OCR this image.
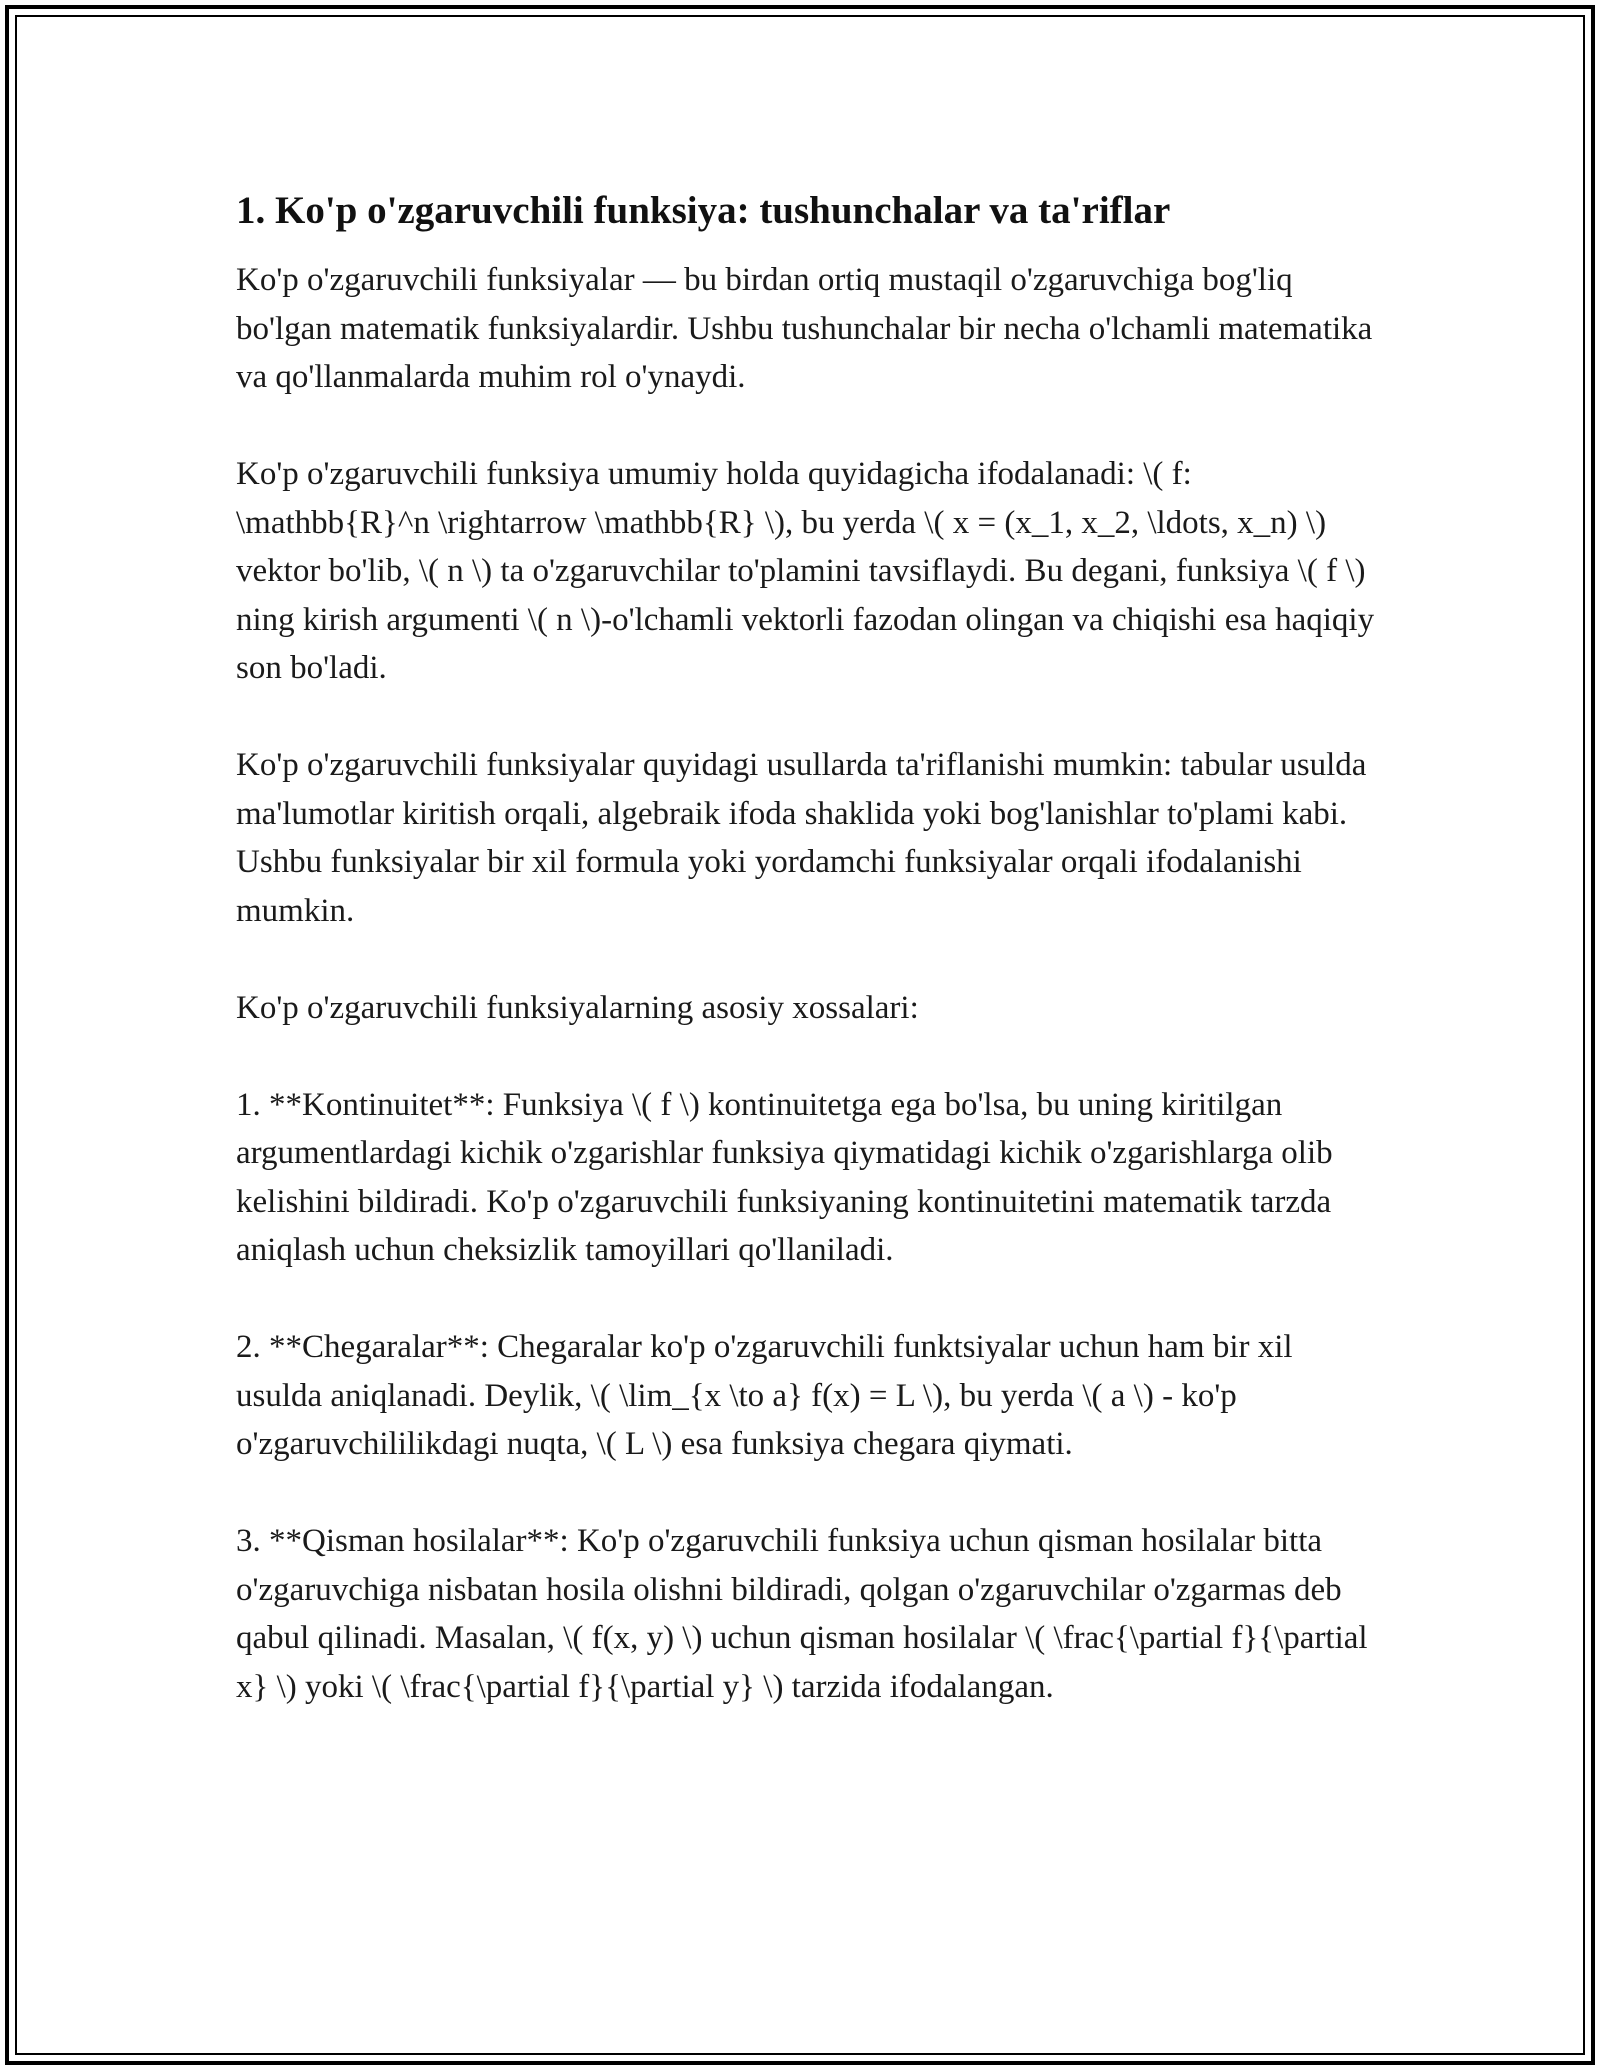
1. Ko'p o'zgaruvchili funksiya: tushunchalar va ta'riflar

Ko'p o'zgaruvchili funksiyalar — bu birdan ortiq mustaqil o'zgaruvchiga bog'liq bo'lgan matematik funksiyalardir. Ushbu tushunchalar bir necha o'lchamli matematika va qo'llanmalarda muhim rol o'ynaydi.

Ko'p o'zgaruvchili funksiya umumiy holda quyidagicha ifodalanadi: \( f: \mathbb{R}^n \rightarrow \mathbb{R} \), bu yerda \( x = (x_1, x_2, \ldots, x_n) \) vektor bo'lib, \( n \) ta o'zgaruvchilar to'plamini tavsiflaydi. Bu degani, funksiya \( f \) ning kirish argumenti \( n \)-o'lchamli vektorli fazodan olingan va chiqishi esa haqiqiy son bo'ladi.

Ko'p o'zgaruvchili funksiyalar quyidagi usullarda ta'riflanishi mumkin: tabular usulda ma'lumotlar kiritish orqali, algebraik ifoda shaklida yoki bog'lanishlar to'plami kabi. Ushbu funksiyalar bir xil formula yoki yordamchi funksiyalar orqali ifodalanishi mumkin.

Ko'p o'zgaruvchili funksiyalarning asosiy xossalari:

1. **Kontinuitet**: Funksiya \( f \) kontinuitetga ega bo'lsa, bu uning kiritilgan argumentlardagi kichik o'zgarishlar funksiya qiymatidagi kichik o'zgarishlarga olib kelishini bildiradi. Ko'p o'zgaruvchili funksiyaning kontinuitetini matematik tarzda aniqlash uchun cheksizlik tamoyillari qo'llaniladi.

2. **Chegaralar**: Chegaralar ko'p o'zgaruvchili funktsiyalar uchun ham bir xil usulda aniqlanadi. Deylik, \( \lim_{x \to a} f(x) = L \), bu yerda \( a \) - ko'p o'zgaruvchililikdagi nuqta, \( L \) esa funksiya chegara qiymati.

3. **Qisman hosilalar**: Ko'p o'zgaruvchili funksiya uchun qisman hosilalar bitta o'zgaruvchiga nisbatan hosila olishni bildiradi, qolgan o'zgaruvchilar o'zgarmas deb qabul qilinadi. Masalan, \( f(x, y) \) uchun qisman hosilalar \( \frac{\partial f}{\partial x} \) yoki \( \frac{\partial f}{\partial y} \) tarzida ifodalangan.
